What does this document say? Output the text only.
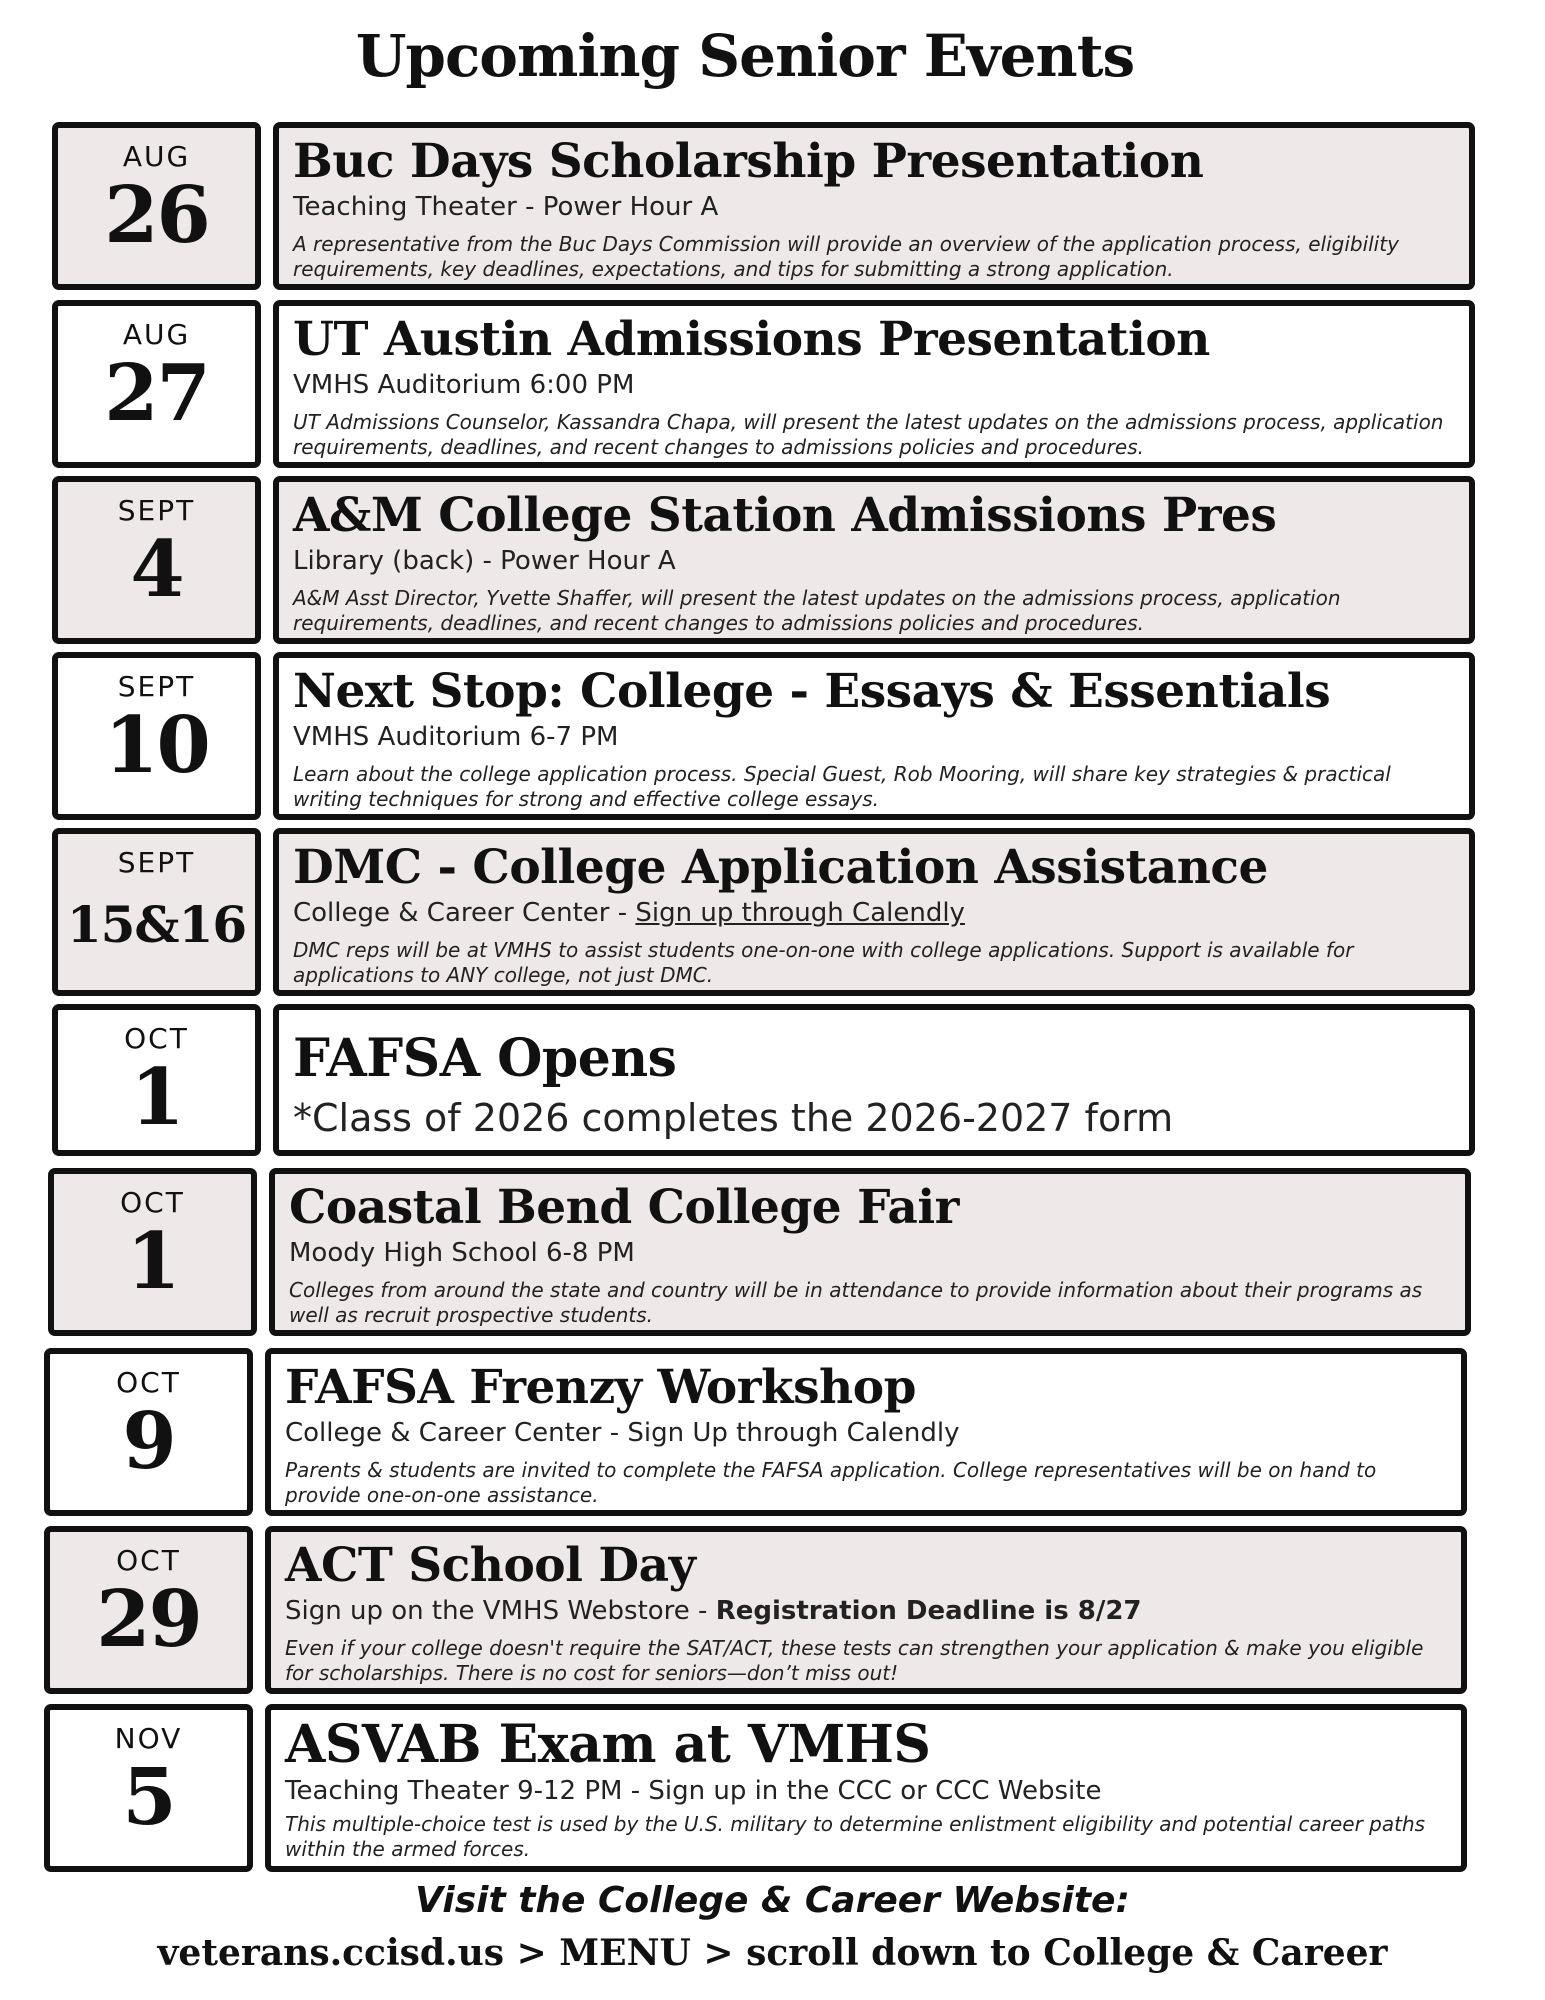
Upcoming Senior Events
AUG
26
Buc Days Scholarship Presentation
Teaching Theater - Power Hour A
A representative from the Buc Days Commission will provide an overview of the application process, eligibility requirements, key deadlines, expectations, and tips for submitting a strong application.
AUG
27
UT Austin Admissions Presentation
VMHS Auditorium 6:00 PM
UT Admissions Counselor, Kassandra Chapa, will present the latest updates on the admissions process, application requirements, deadlines, and recent changes to admissions policies and procedures.
SEPT
4
A&M College Station Admissions Pres
Library (back) - Power Hour A
A&M Asst Director, Yvette Shaffer, will present the latest updates on the admissions process, application requirements, deadlines, and recent changes to admissions policies and procedures.
SEPT
10
Next Stop: College - Essays & Essentials
VMHS Auditorium 6-7 PM
Learn about the college application process. Special Guest, Rob Mooring, will share key strategies & practical writing techniques for strong and effective college essays.
SEPT
15&16
DMC - College Application Assistance
College & Career Center - Sign up through Calendly
DMC reps will be at VMHS to assist students one-on-one with college applications. Support is available for applications to ANY college, not just DMC.
OCT
1	FAFSA Opens
*Class of 2026 completes the 2026-2027 form
OCT
1
Coastal Bend College Fair
Moody High School 6-8 PM
Colleges from around the state and country will be in attendance to provide information about their programs as well as recruit prospective students.
OCT
9
FAFSA Frenzy Workshop
College & Career Center - Sign Up through Calendly
Parents & students are invited to complete the FAFSA application. College representatives will be on hand to provide one-on-one assistance.
OCT
29
ACT School Day
Sign up on the VMHS Webstore - Registration Deadline is 8/27
Even if your college doesn't require the SAT/ACT, these tests can strengthen your application & make you eligible for scholarships. There is no cost for seniors—don’t miss out!
NOV
5
ASVAB Exam at VMHS
Teaching Theater 9-12 PM - Sign up in the CCC or CCC Website
This multiple-choice test is used by the U.S. military to determine enlistment eligibility and potential career paths within the armed forces.
Visit the College & Career Website:
veterans.ccisd.us > MENU > scroll down to College & Career
